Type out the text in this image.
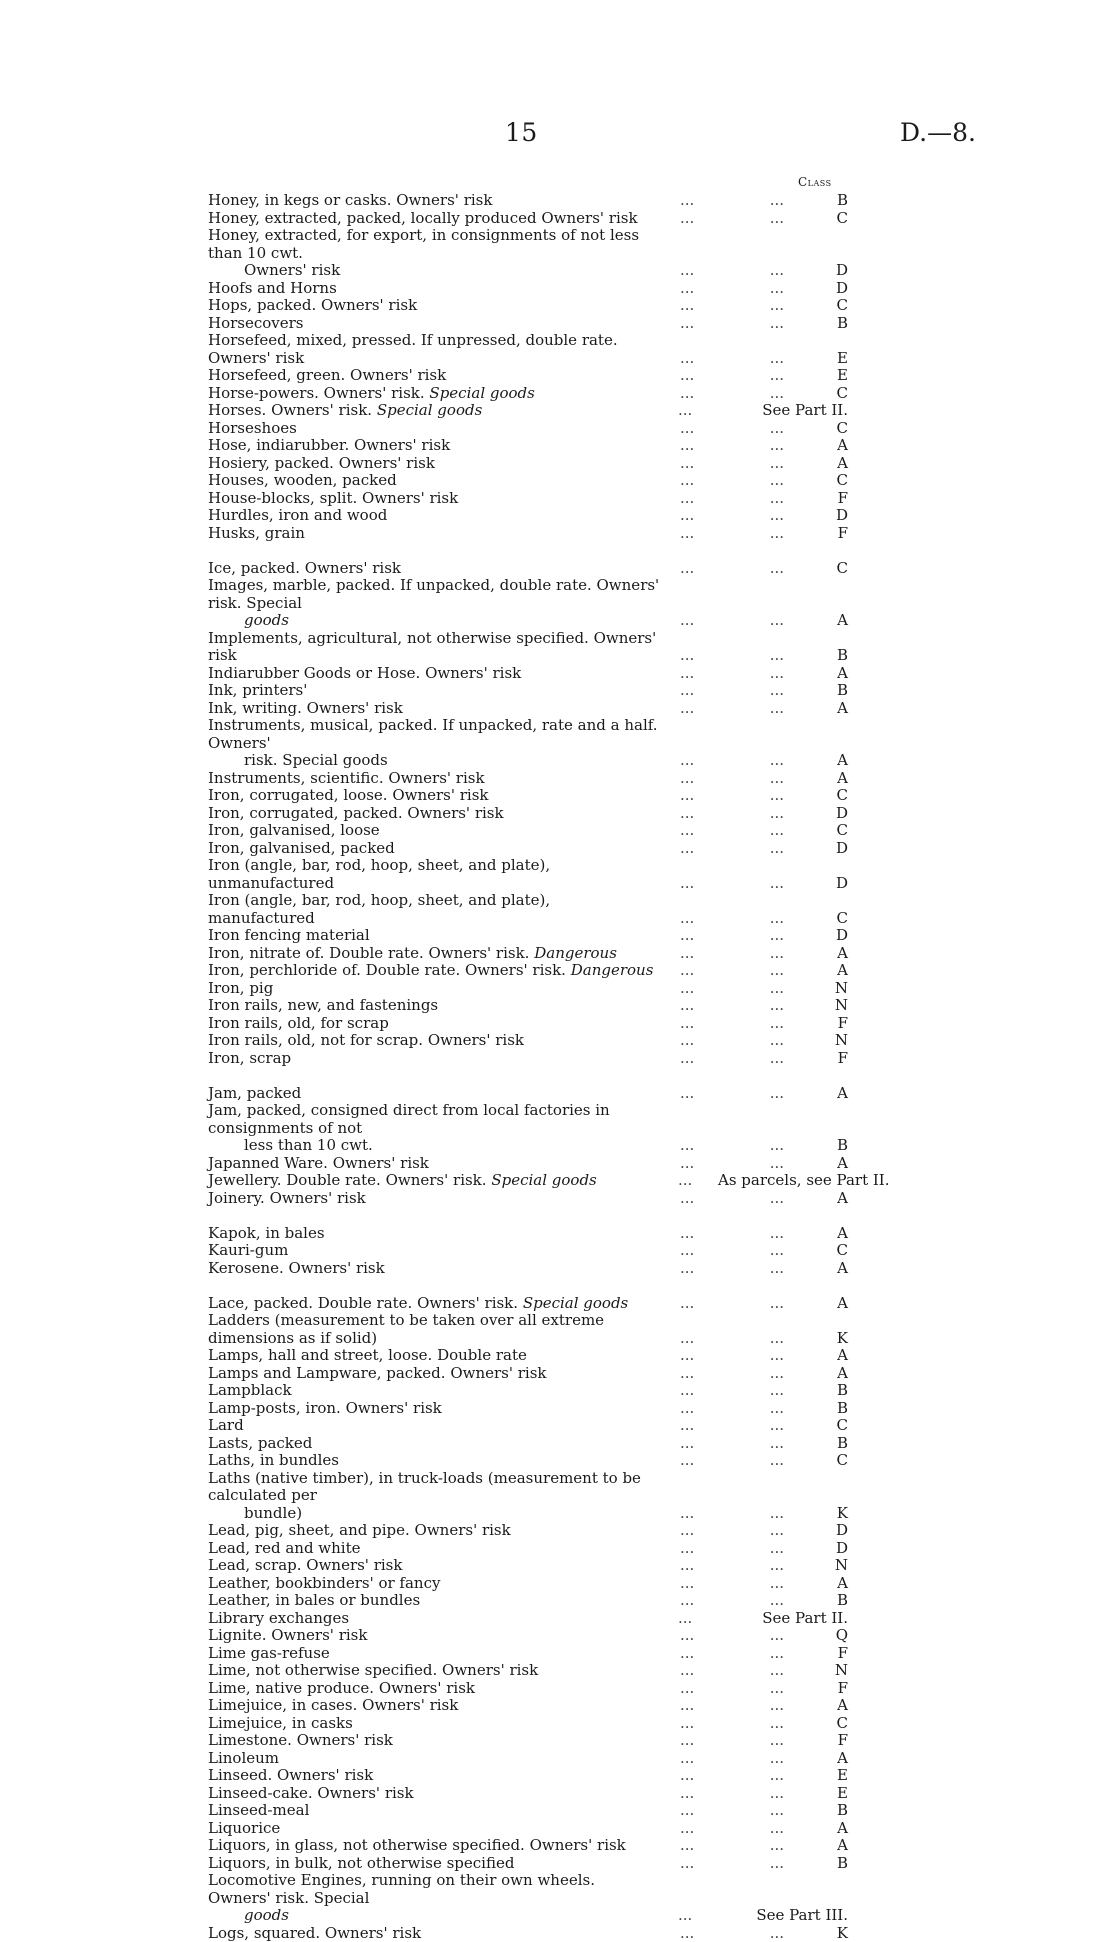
15	D.—8.
Class
Honey, in kegs or casks. Owners' risk	...	...	B
Honey, extracted, packed, locally produced Owners' risk	...	...	C
Honey, extracted, for export, in consignments of not less than 10 cwt.
Owners' risk	...	...	D
Hoofs and Horns	...	...	D
Hops, packed. Owners' risk	...	...	C
Horsecovers	...	...	B
Horsefeed, mixed, pressed. If unpressed, double rate. Owners' risk	...	...	E
Horsefeed, green. Owners' risk	...	...	E
Horse-powers. Owners' risk. Special goods	...	...	C
Horses. Owners' risk. Special goods	...	See Part II.
Horseshoes	...	...	C
Hose, indiarubber. Owners' risk	...	...	A
Hosiery, packed. Owners' risk	...	...	A
Houses, wooden, packed	...	...	C
House-blocks, split. Owners' risk	...	...	F
Hurdles, iron and wood	...	...	D
Husks, grain	...	...	F
Ice, packed. Owners' risk	...	...	C
Images, marble, packed. If unpacked, double rate. Owners' risk. Special
goods	...	...	A
Implements, agricultural, not otherwise specified. Owners' risk	...	...	B
Indiarubber Goods or Hose. Owners' risk	...	...	A
Ink, printers'	...	...	B
Ink, writing. Owners' risk	...	...	A
Instruments, musical, packed. If unpacked, rate and a half. Owners'
risk. Special goods	...	...	A
Instruments, scientific. Owners' risk	...	...	A
Iron, corrugated, loose. Owners' risk	...	...	C
Iron, corrugated, packed. Owners' risk	...	...	D
Iron, galvanised, loose	...	...	C
Iron, galvanised, packed	...	...	D
Iron (angle, bar, rod, hoop, sheet, and plate), unmanufactured	...	...	D
Iron (angle, bar, rod, hoop, sheet, and plate), manufactured	...	...	C
Iron fencing material	...	...	D
Iron, nitrate of. Double rate. Owners' risk. Dangerous	...	...	A
Iron, perchloride of. Double rate. Owners' risk. Dangerous	...	...	A
Iron, pig	...	...	N
Iron rails, new, and fastenings	...	...	N
Iron rails, old, for scrap	...	...	F
Iron rails, old, not for scrap. Owners' risk	...	...	N
Iron, scrap	...	...	F
Jam, packed	...	...	A
Jam, packed, consigned direct from local factories in consignments of not
less than 10 cwt.	...	...	B
Japanned Ware. Owners' risk	...	...	A
Jewellery. Double rate. Owners' risk. Special goods	... As parcels, see Part II.
Joinery. Owners' risk	...	...	A
Kapok, in bales	...	...	A
Kauri-gum	...	...	C
Kerosene. Owners' risk	...	...	A
Lace, packed. Double rate. Owners' risk. Special goods	...	...	A
Ladders (measurement to be taken over all extreme dimensions as if solid)	...	...	K
Lamps, hall and street, loose. Double rate	...	...	A
Lamps and Lampware, packed. Owners' risk	...	...	A
Lampblack	...	...	B
Lamp-posts, iron. Owners' risk	...	...	B
Lard	...	...	C
Lasts, packed	...	...	B
Laths, in bundles	...	...	C
Laths (native timber), in truck-loads (measurement to be calculated per
bundle)	...	...	K
Lead, pig, sheet, and pipe. Owners' risk	...	...	D
Lead, red and white	...	...	D
Lead, scrap. Owners' risk	...	...	N
Leather, bookbinders' or fancy	...	...	A
Leather, in bales or bundles	...	...	B
Library exchanges	...	See Part II.
Lignite. Owners' risk	...	...	Q
Lime gas-refuse	...	...	F
Lime, not otherwise specified. Owners' risk	...	...	N
Lime, native produce. Owners' risk	...	...	F
Limejuice, in cases. Owners' risk	...	...	A
Limejuice, in casks	...	...	C
Limestone. Owners' risk	...	...	F
Linoleum	...	...	A
Linseed. Owners' risk	...	...	E
Linseed-cake. Owners' risk	...	...	E
Linseed-meal	...	...	B
Liquorice	...	...	A
Liquors, in glass, not otherwise specified. Owners' risk	...	...	A
Liquors, in bulk, not otherwise specified	...	...	B
Locomotive Engines, running on their own wheels. Owners' risk. Special
goods	...	See Part III.
Logs, squared. Owners' risk	...	...	K
